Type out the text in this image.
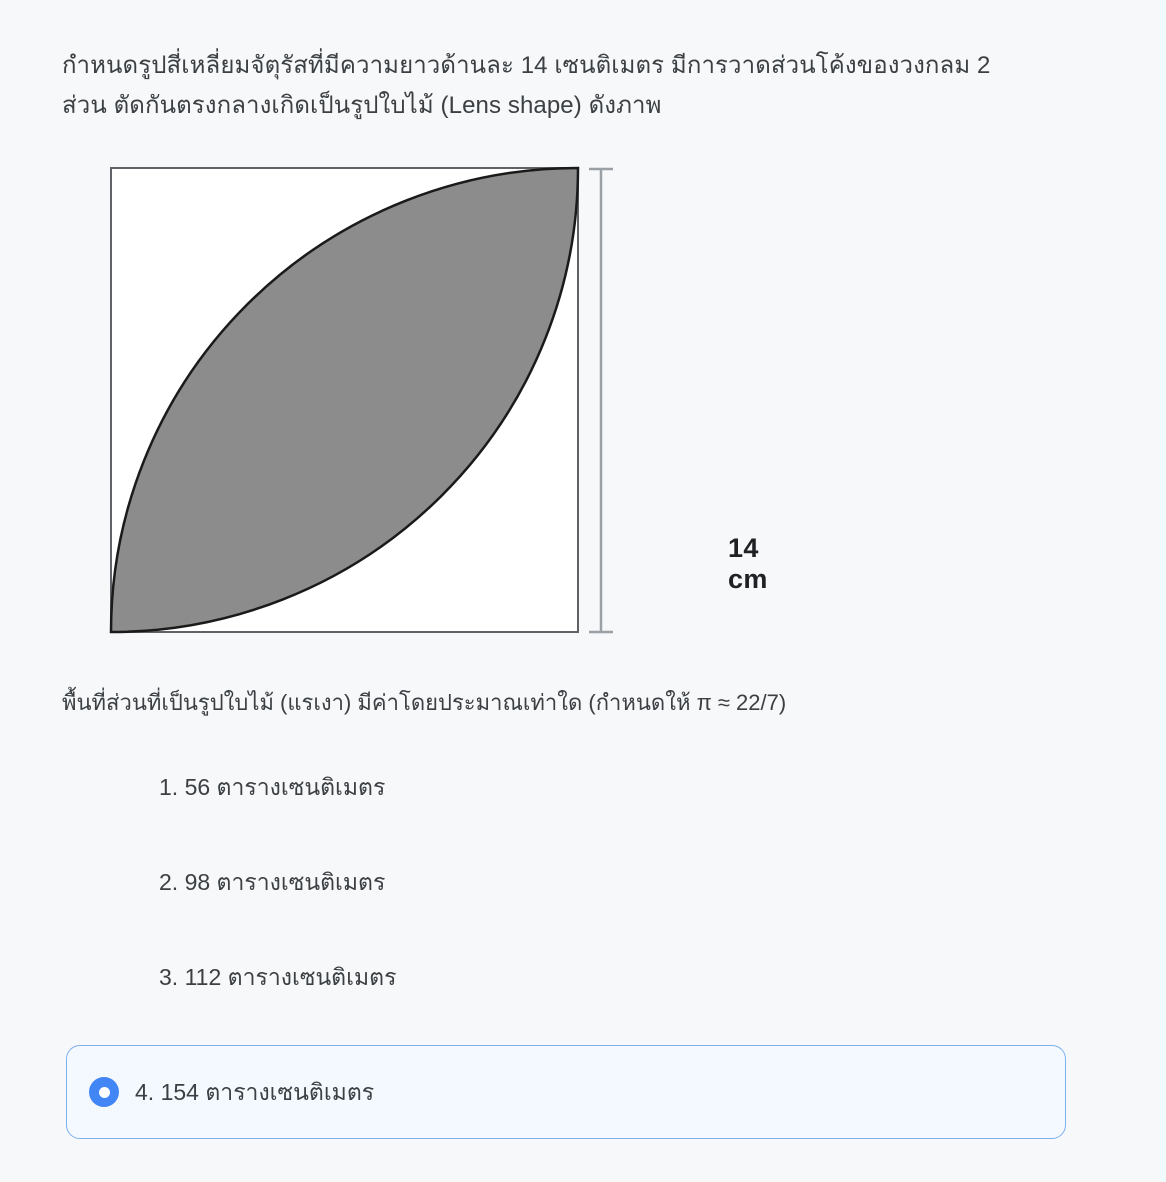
กำหนดรูปสี่เหลี่ยมจัตุรัสที่มีความยาวด้านละ 14 เซนติเมตร มีการวาดส่วนโค้งของวงกลม 2 ส่วน ตัดกันตรงกลางเกิดเป็นรูปใบไม้ (Lens shape) ดังภาพ
14 cm
พื้นที่ส่วนที่เป็นรูปใบไม้ (แรเงา) มีค่าโดยประมาณเท่าใด (กำหนดให้ π ≈ 22/7)
1. 56 ตารางเซนติเมตร
2. 98 ตารางเซนติเมตร
3. 112 ตารางเซนติเมตร
4. 154 ตารางเซนติเมตร
